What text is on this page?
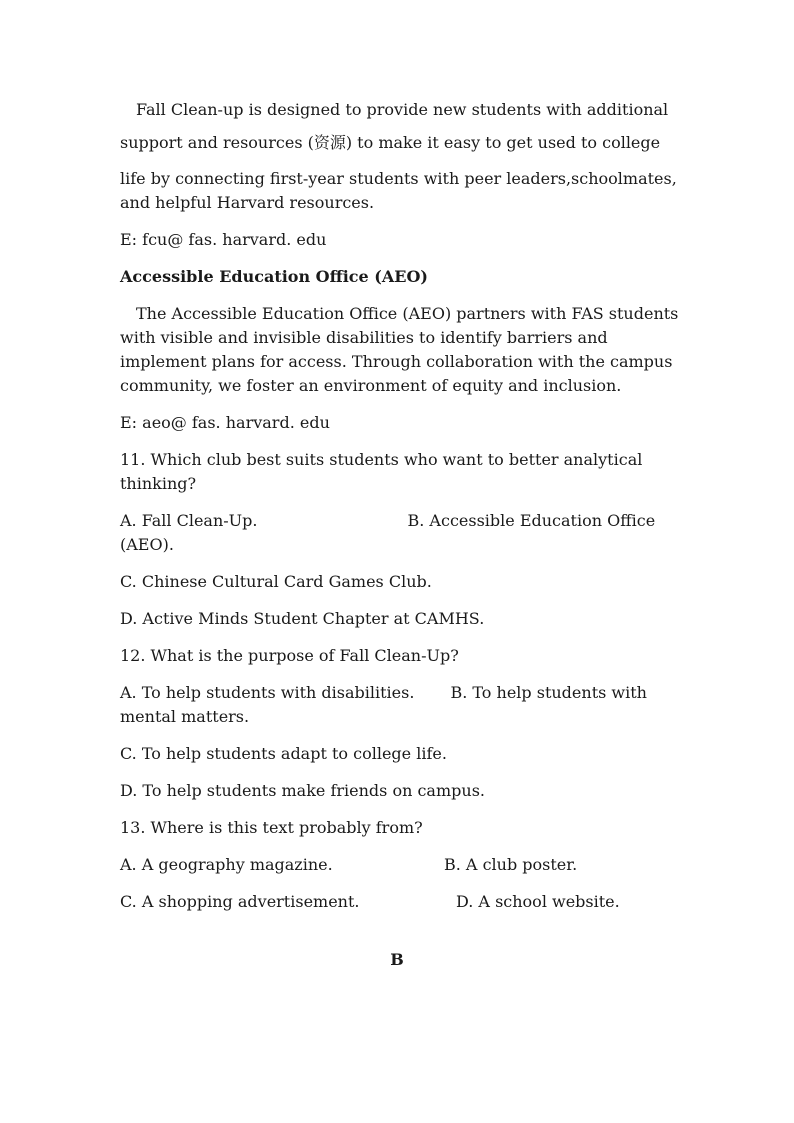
Fall Clean-up is designed to provide new students with additional

support and resources (资源) to make it easy to get used to college

life by connecting first-year students with peer leaders,schoolmates,

and helpful Harvard resources.

E: fcu@ fas. harvard. edu

Accessible Education Office (AEO)

The Accessible Education Office (AEO) partners with FAS students with visible and invisible disabilities to identify barriers and implement plans for access. Through collaboration with the campus community, we foster an environment of equity and inclusion.

E: aeo@ fas. harvard. edu

11. Which club best suits students who want to better analytical thinking?

A. Fall Clean-Up.	B. Accessible Education Office (AEO).

C. Chinese Cultural Card Games Club.

D. Active Minds Student Chapter at CAMHS.

12. What is the purpose of Fall Clean-Up?

A. To help students with disabilities. B. To help students with mental matters.

C. To help students adapt to college life.

D. To help students make friends on campus.

13. Where is this text probably from?

A. A geography magazine.	B. A club poster.
C. A shopping advertisement.	D. A school website.
B
